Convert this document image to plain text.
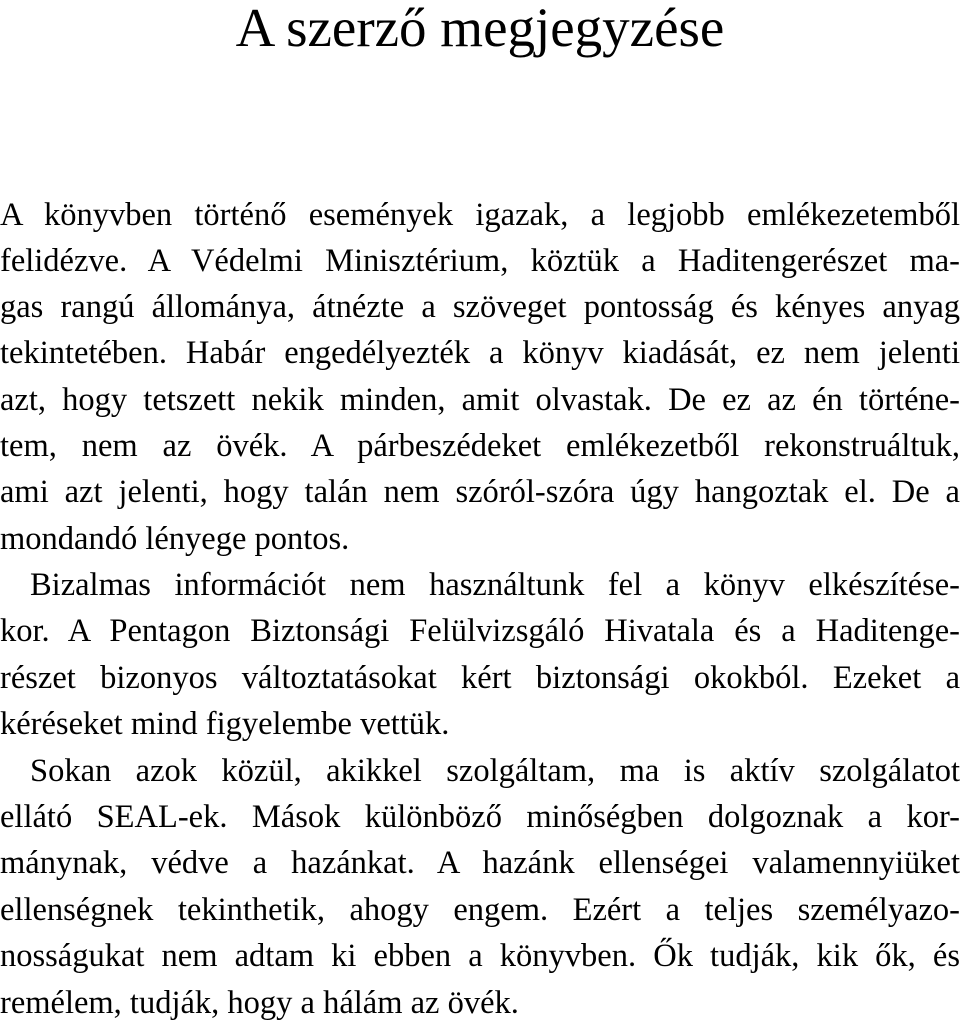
A szerző megjegyzése
A könyvben történő események igazak, a legjobb emlékezetemből
felidézve. A Védelmi Minisztérium, köztük a Haditengerészet ma-
gas rangú állománya, átnézte a szöveget pontosság és kényes anyag
tekintetében. Habár engedélyezték a könyv kiadását, ez nem jelenti
azt, hogy tetszett nekik minden, amit olvastak. De ez az én történe-
tem, nem az övék. A párbeszédeket emlékezetből rekonstruáltuk,
ami azt jelenti, hogy talán nem szóról-szóra úgy hangoztak el. De a
mondandó lényege pontos.
Bizalmas információt nem használtunk fel a könyv elkészítése-
kor. A Pentagon Biztonsági Felülvizsgáló Hivatala és a Haditenge-
részet bizonyos változtatásokat kért biztonsági okokból. Ezeket a
kéréseket mind figyelembe vettük.
Sokan azok közül, akikkel szolgáltam, ma is aktív szolgálatot
ellátó SEAL-ek. Mások különböző minőségben dolgoznak a kor-
mánynak, védve a hazánkat. A hazánk ellenségei valamennyiüket
ellenségnek tekinthetik, ahogy engem. Ezért a teljes személyazo-
nosságukat nem adtam ki ebben a könyvben. Ők tudják, kik ők, és
remélem, tudják, hogy a hálám az övék.
